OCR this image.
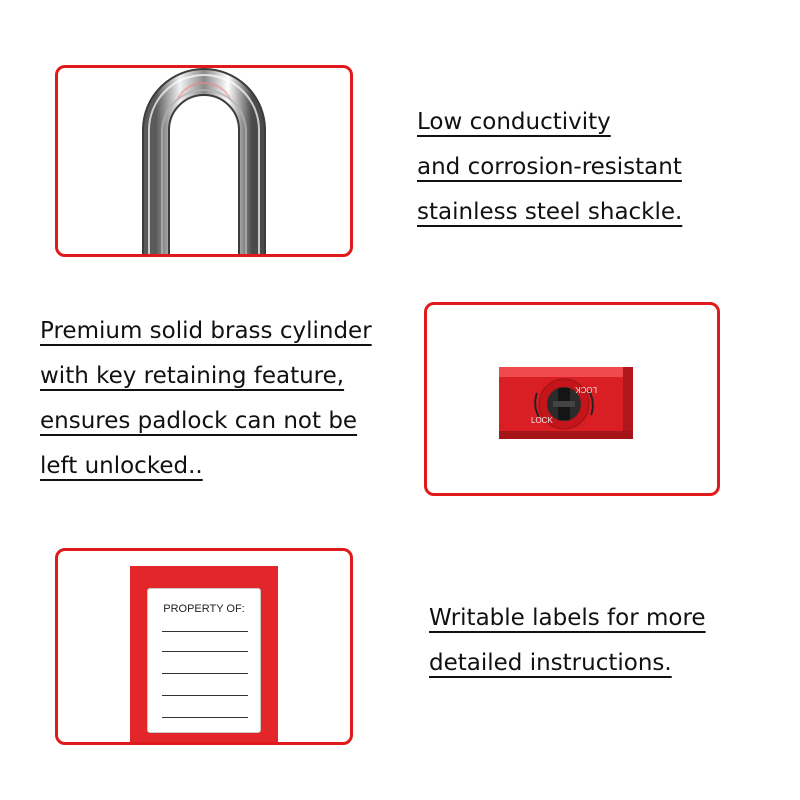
Low conductivity
and corrosion-resistant
stainless steel shackle.
Premium solid brass cylinder
with key retaining feature,
ensures padlock can not be
left unlocked..
LOCK
LOCK
PROPERTY OF:	Writable labels for more
detailed instructions.
